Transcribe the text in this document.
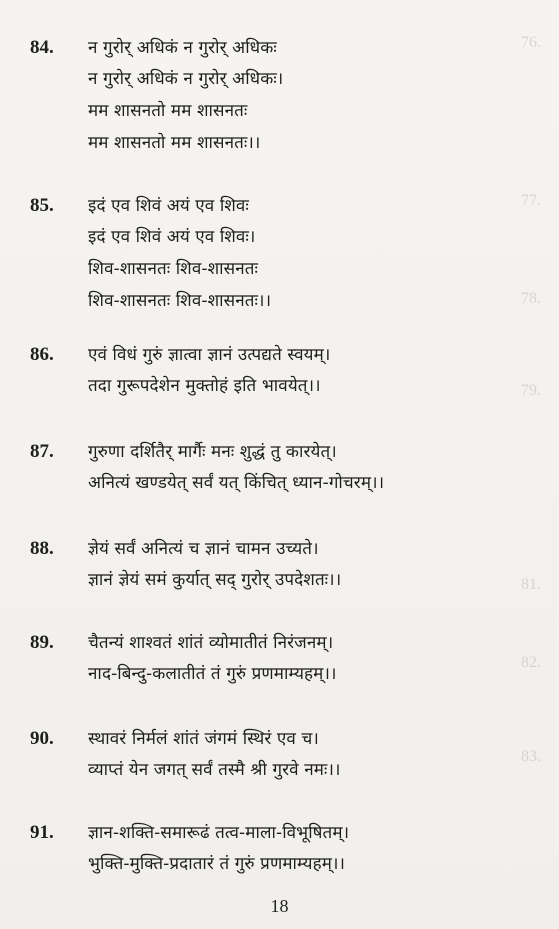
76.
77.
78.
79.
81.
82.
83.
84. न गुरोर् अधिकं न गुरोर् अधिकः
न गुरोर् अधिकं न गुरोर् अधिकः।
मम शासनतो मम शासनतः
मम शासनतो मम शासनतः।।
85. इदं एव शिवं अयं एव शिवः
इदं एव शिवं अयं एव शिवः।
शिव-शासनतः शिव-शासनतः
शिव-शासनतः शिव-शासनतः।।
86. एवं विधं गुरुं ज्ञात्वा ज्ञानं उत्पद्यते स्वयम्।
तदा गुरूपदेशेन मुक्तोहं इति भावयेत्।।
87. गुरुणा दर्शितैर् मार्गैः मनः शुद्धं तु कारयेत्।
अनित्यं खण्डयेत् सर्वं यत् किंचित् ध्यान-गोचरम्।।
88. ज्ञेयं सर्वं अनित्यं च ज्ञानं चामन उच्यते।
ज्ञानं ज्ञेयं समं कुर्यात् सद् गुरोर् उपदेशतः।।
89. चैतन्यं शाश्वतं शांतं व्योमातीतं निरंजनम्।
नाद-बिन्दु-कलातीतं तं गुरुं प्रणमाम्यहम्।।
90. स्थावरं निर्मलं शांतं जंगमं स्थिरं एव च।
व्याप्तं येन जगत् सर्वं तस्मै श्री गुरवे नमः।।
91. ज्ञान-शक्ति-समारूढं तत्व-माला-विभूषितम्।
भुक्ति-मुक्ति-प्रदातारं तं गुरुं प्रणमाम्यहम्।।
18
